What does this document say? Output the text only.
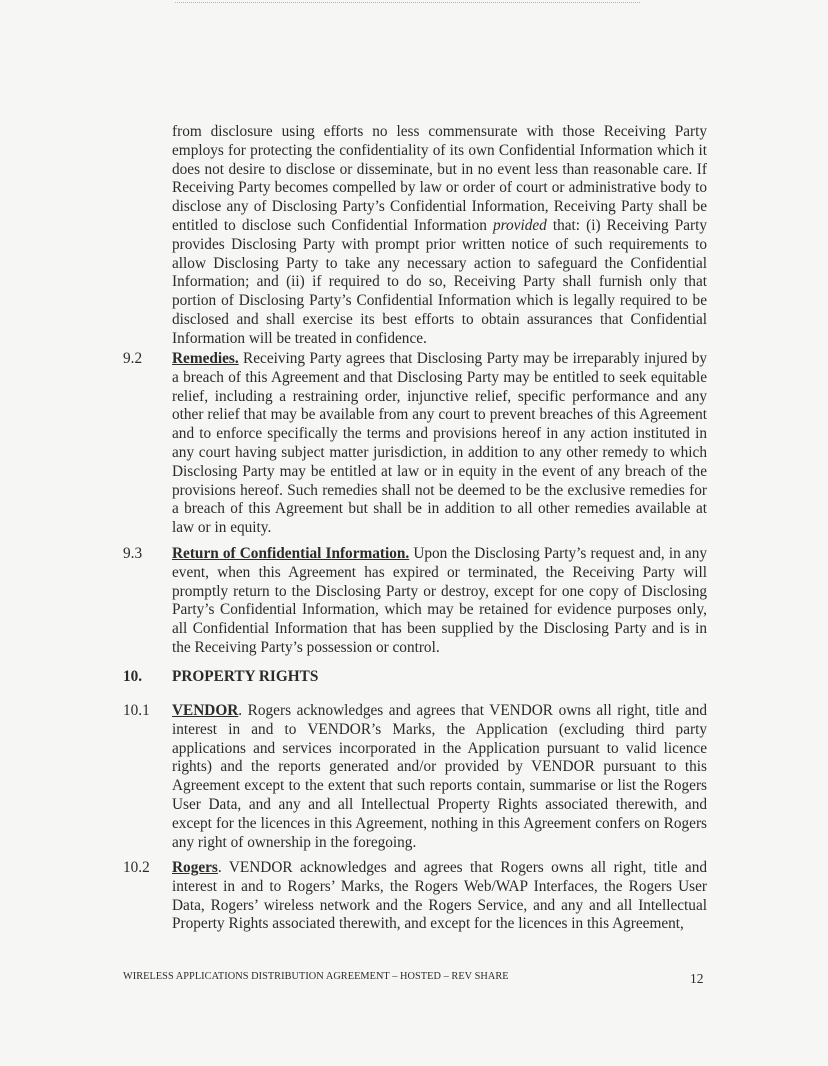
from disclosure using efforts no less commensurate with those Receiving Party employs for protecting the confidentiality of its own Confidential Information which it does not desire to disclose or disseminate, but in no event less than reasonable care. If Receiving Party becomes compelled by law or order of court or administrative body to disclose any of Disclosing Party’s Confidential Information, Receiving Party shall be entitled to disclose such Confidential Information provided that: (i) Receiving Party provides Disclosing Party with prompt prior written notice of such requirements to allow Disclosing Party to take any necessary action to safeguard the Confidential Information; and (ii) if required to do so, Receiving Party shall furnish only that portion of Disclosing Party’s Confidential Information which is legally required to be disclosed and shall exercise its best efforts to obtain assurances that Confidential Information will be treated in confidence.

9.2 Remedies. Receiving Party agrees that Disclosing Party may be irreparably injured by a breach of this Agreement and that Disclosing Party may be entitled to seek equitable relief, including a restraining order, injunctive relief, specific performance and any other relief that may be available from any court to prevent breaches of this Agreement and to enforce specifically the terms and provisions hereof in any action instituted in any court having subject matter jurisdiction, in addition to any other remedy to which Disclosing Party may be entitled at law or in equity in the event of any breach of the provisions hereof. Such remedies shall not be deemed to be the exclusive remedies for a breach of this Agreement but shall be in addition to all other remedies available at law or in equity.

9.3 Return of Confidential Information. Upon the Disclosing Party’s request and, in any event, when this Agreement has expired or terminated, the Receiving Party will promptly return to the Disclosing Party or destroy, except for one copy of Disclosing Party’s Confidential Information, which may be retained for evidence purposes only, all Confidential Information that has been supplied by the Disclosing Party and is in the Receiving Party’s possession or control.

10. PROPERTY RIGHTS
10.1 VENDOR. Rogers acknowledges and agrees that VENDOR owns all right, title and interest in and to VENDOR’s Marks, the Application (excluding third party applications and services incorporated in the Application pursuant to valid licence rights) and the reports generated and/or provided by VENDOR pursuant to this Agreement except to the extent that such reports contain, summarise or list the Rogers User Data, and any and all Intellectual Property Rights associated therewith, and except for the licences in this Agreement, nothing in this Agreement confers on Rogers any right of ownership in the foregoing.

10.2 Rogers. VENDOR acknowledges and agrees that Rogers owns all right, title and interest in and to Rogers’ Marks, the Rogers Web/WAP Interfaces, the Rogers User Data, Rogers’ wireless network and the Rogers Service, and any and all Intellectual Property Rights associated therewith, and except for the licences in this Agreement,

WIRELESS APPLICATIONS DISTRIBUTION AGREEMENT – HOSTED – REV SHARE	12
